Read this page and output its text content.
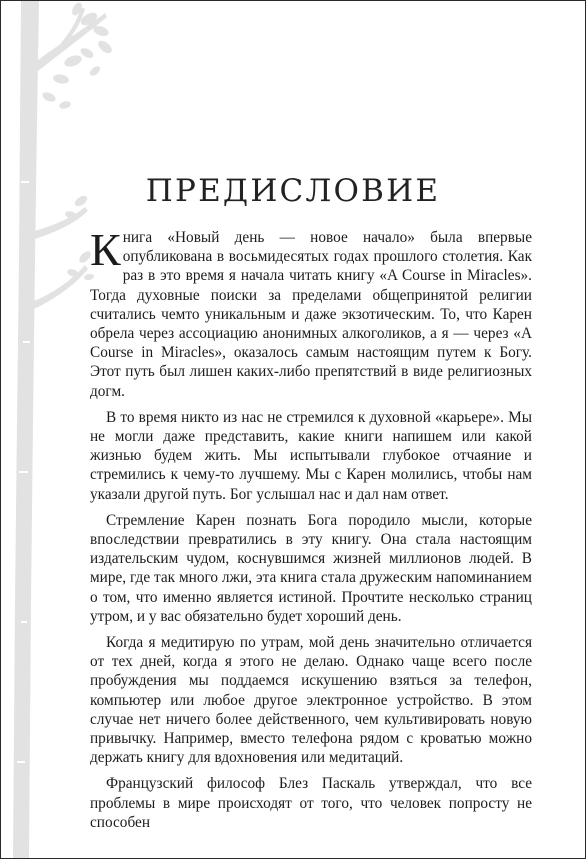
ПРЕДИСЛОВИЕ

Книга «Новый день — новое начало» была впервые опубликована в восьмидесятых годах прошлого столетия. Как раз в это время я начала читать книгу «A Course in Miracles». Тогда духовные поиски за пределами общепринятой религии считались чемто уникальным и даже экзотическим. То, что Карен обрела через ассоциацию анонимных алкоголиков, а я — через «A Course in Miracles», оказалось самым настоящим путем к Богу. Этот путь был лишен каких-либо препятствий в виде религиозных догм.

В то время никто из нас не стремился к духовной «карьере». Мы не могли даже представить, какие книги напишем или какой жизнью будем жить. Мы испытывали глубокое отчаяние и стремились к чему-то лучшему. Мы с Карен молились, чтобы нам указали другой путь. Бог услышал нас и дал нам ответ.

Стремление Карен познать Бога породило мысли, которые впоследствии превратились в эту книгу. Она стала настоящим издательским чудом, коснувшимся жизней миллионов людей. В мире, где так много лжи, эта книга стала дружеским напоминанием о том, что именно является истиной. Прочтите несколько страниц утром, и у вас обязательно будет хороший день.

Когда я медитирую по утрам, мой день значительно отличается от тех дней, когда я этого не делаю. Однако чаще всего после пробуждения мы поддаемся искушению взяться за телефон, компьютер или любое другое электронное устройство. В этом случае нет ничего более действенного, чем культивировать новую привычку. Например, вместо телефона рядом с кроватью можно держать книгу для вдохновения или медитаций.

Французский философ Блез Паскаль утверждал, что все проблемы в мире происходят от того, что человек попросту не способен
